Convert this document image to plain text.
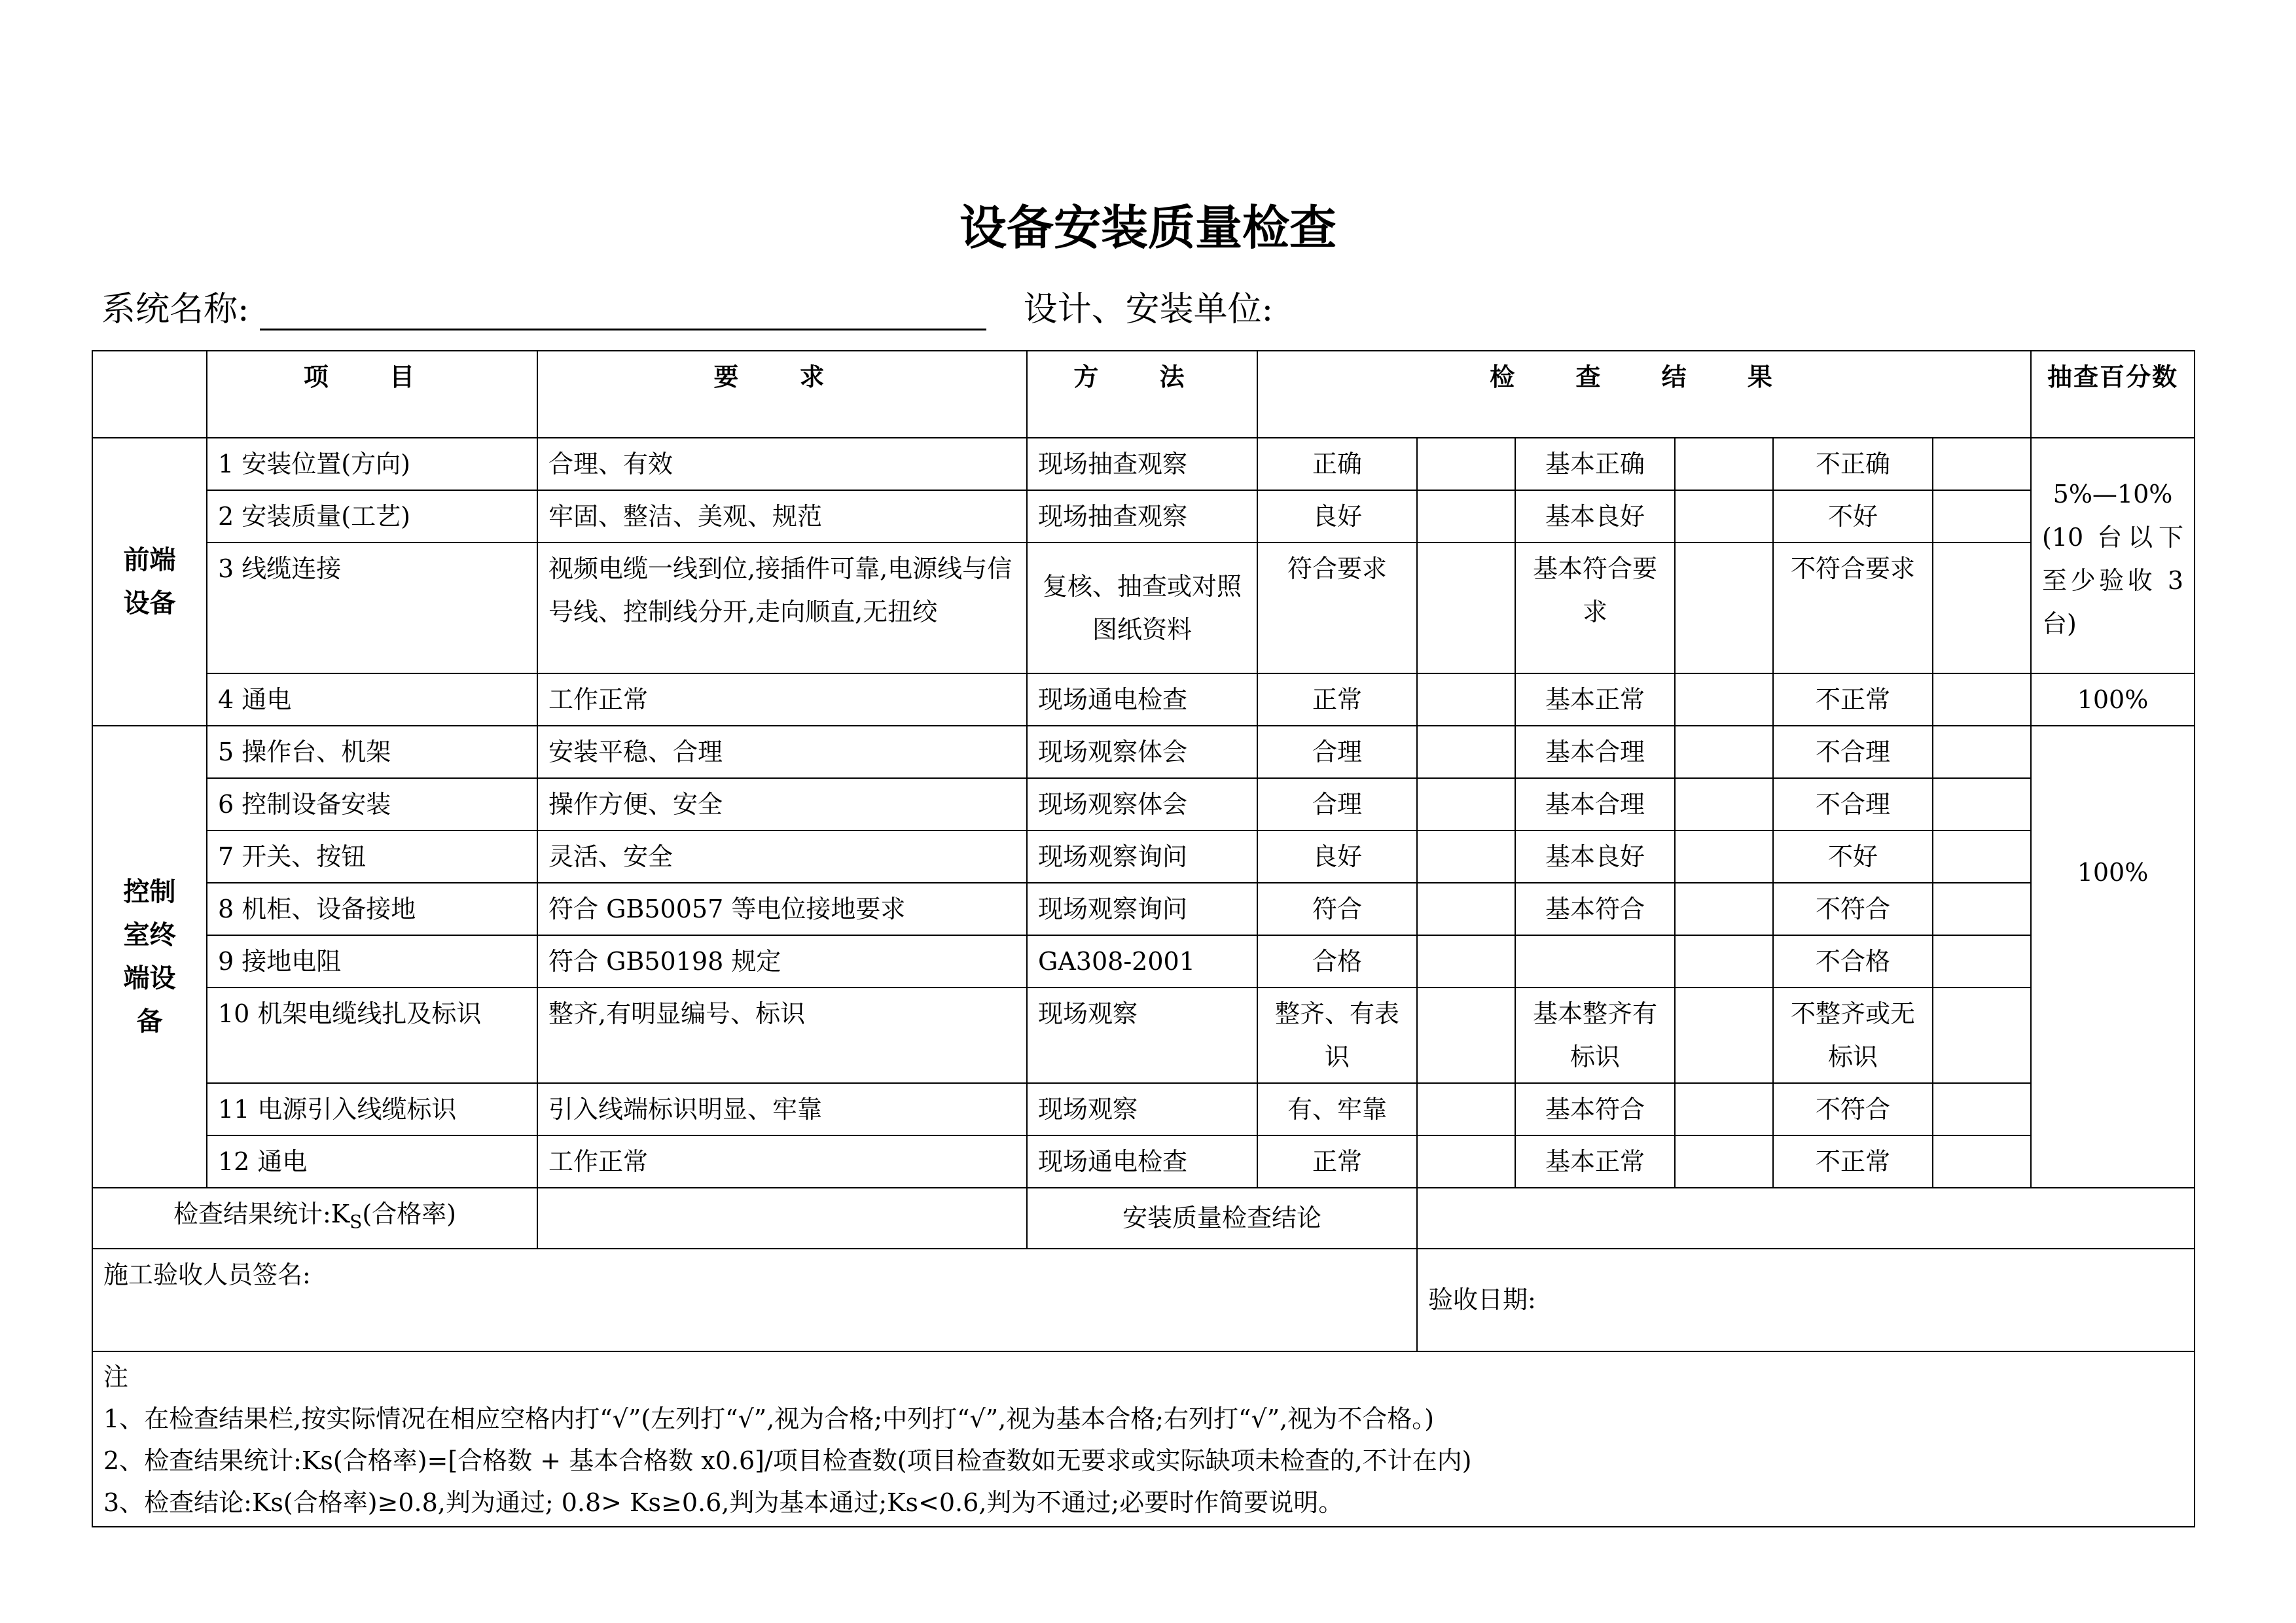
设备安装质量检查
系统名称:	设计、安装单位:
	项 目	要 求	方 法	检 查 结 果						抽查百分数
前端设备	1 安装位置(方向)	合理、有效	现场抽查观察	正确		基本正确		不正确		5%—10%
(10 台以下至少验收 3 台)

	2 安装质量(工艺)	牢固、整洁、美观、规范	现场抽查观察	良好		基本良好		不好		
	3 线缆连接	视频电缆一线到位,接插件可靠,电源线与信号线、控制线分开,走向顺直,无扭绞	复核、抽查或对照图纸资料	符合要求		基本符合要求		不符合要求		
	4 通电	工作正常	现场通电检查	正常		基本正常		不正常		100%
控制室终端设备	5 操作台、机架	安装平稳、合理	现场观察体会	合理		基本合理		不合理		100%
	6 控制设备安装	操作方便、安全	现场观察体会	合理		基本合理		不合理		
	7 开关、按钮	灵活、安全	现场观察询问	良好		基本良好		不好		
	8 机柜、设备接地	符合 GB50057 等电位接地要求	现场观察询问	符合		基本符合		不符合		
	9 接地电阻	符合 GB50198 规定	GA308-2001	合格				不合格		
	10 机架电缆线扎及标识	整齐,有明显编号、标识	现场观察	整齐、有表识		基本整齐有标识		不整齐或无标识		
	11 电源引入线缆标识	引入线端标识明显、牢靠	现场观察	有、牢靠		基本符合		不符合		
	12 通电	工作正常	现场通电检查	正常		基本正常		不正常		
检查结果统计$:K_S$(合格率)			安装质量检查结论							
施工验收人员签名:					验收日期:					

注
1、在检查结果栏,按实际情况在相应空格内打“√”(左列打“√”,视为合格;中列打“√”,视为基本合格;右列打“√”,视为不合格。)
2、检查结果统计:Ks(合格率)=[合格数 + 基本合格数 x0.6]/项目检查数(项目检查数如无要求或实际缺项未检查的,不计在内)
3、检查结论:Ks(合格率)≥0.8,判为通过; 0.8> Ks≥0.6,判为基本通过;Ks<0.6,判为不通过;必要时作简要说明。										
